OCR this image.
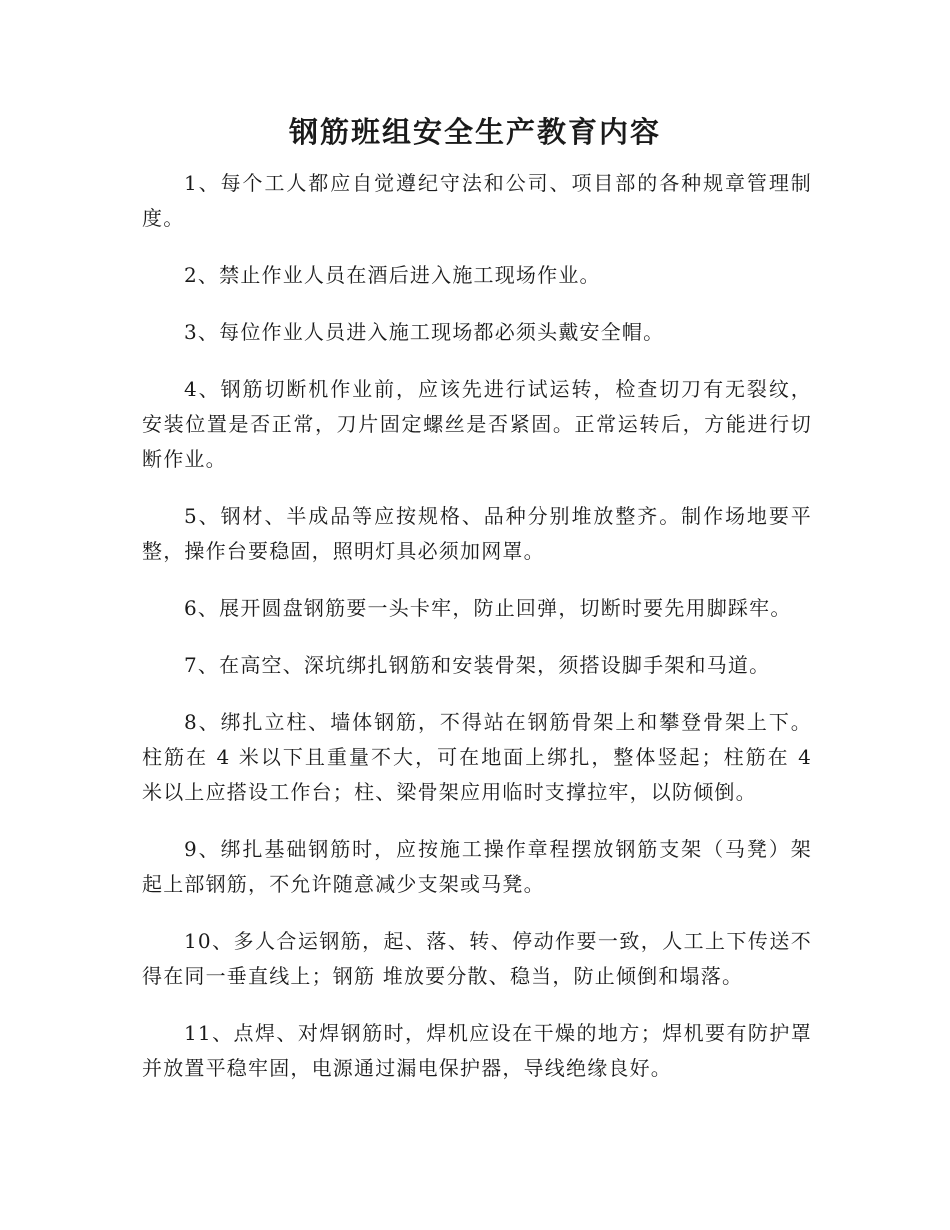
钢筋班组安全生产教育内容

1、每个工人都应自觉遵纪守法和公司、项目部的各种规章管理制度。

2、禁止作业人员在酒后进入施工现场作业。

3、每位作业人员进入施工现场都必须头戴安全帽。

4、钢筋切断机作业前，应该先进行试运转，检查切刀有无裂纹，安装位置是否正常，刀片固定螺丝是否紧固。正常运转后，方能进行切断作业。

5、钢材、半成品等应按规格、品种分别堆放整齐。制作场地要平整，操作台要稳固，照明灯具必须加网罩。

6、展开圆盘钢筋要一头卡牢，防止回弹，切断时要先用脚踩牢。

7、在高空、深坑绑扎钢筋和安装骨架，须搭设脚手架和马道。

8、绑扎立柱、墙体钢筋，不得站在钢筋骨架上和攀登骨架上下。柱筋在 4 米以下且重量不大，可在地面上绑扎，整体竖起；柱筋在 4 米以上应搭设工作台；柱、梁骨架应用临时支撑拉牢，以防倾倒。

9、绑扎基础钢筋时，应按施工操作章程摆放钢筋支架（马凳）架起上部钢筋，不允许随意减少支架或马凳。

10、多人合运钢筋，起、落、转、停动作要一致，人工上下传送不得在同一垂直线上；钢筋 堆放要分散、稳当，防止倾倒和塌落。

11、点焊、对焊钢筋时，焊机应设在干燥的地方；焊机要有防护罩并放置平稳牢固，电源通过漏电保护器，导线绝缘良好。
